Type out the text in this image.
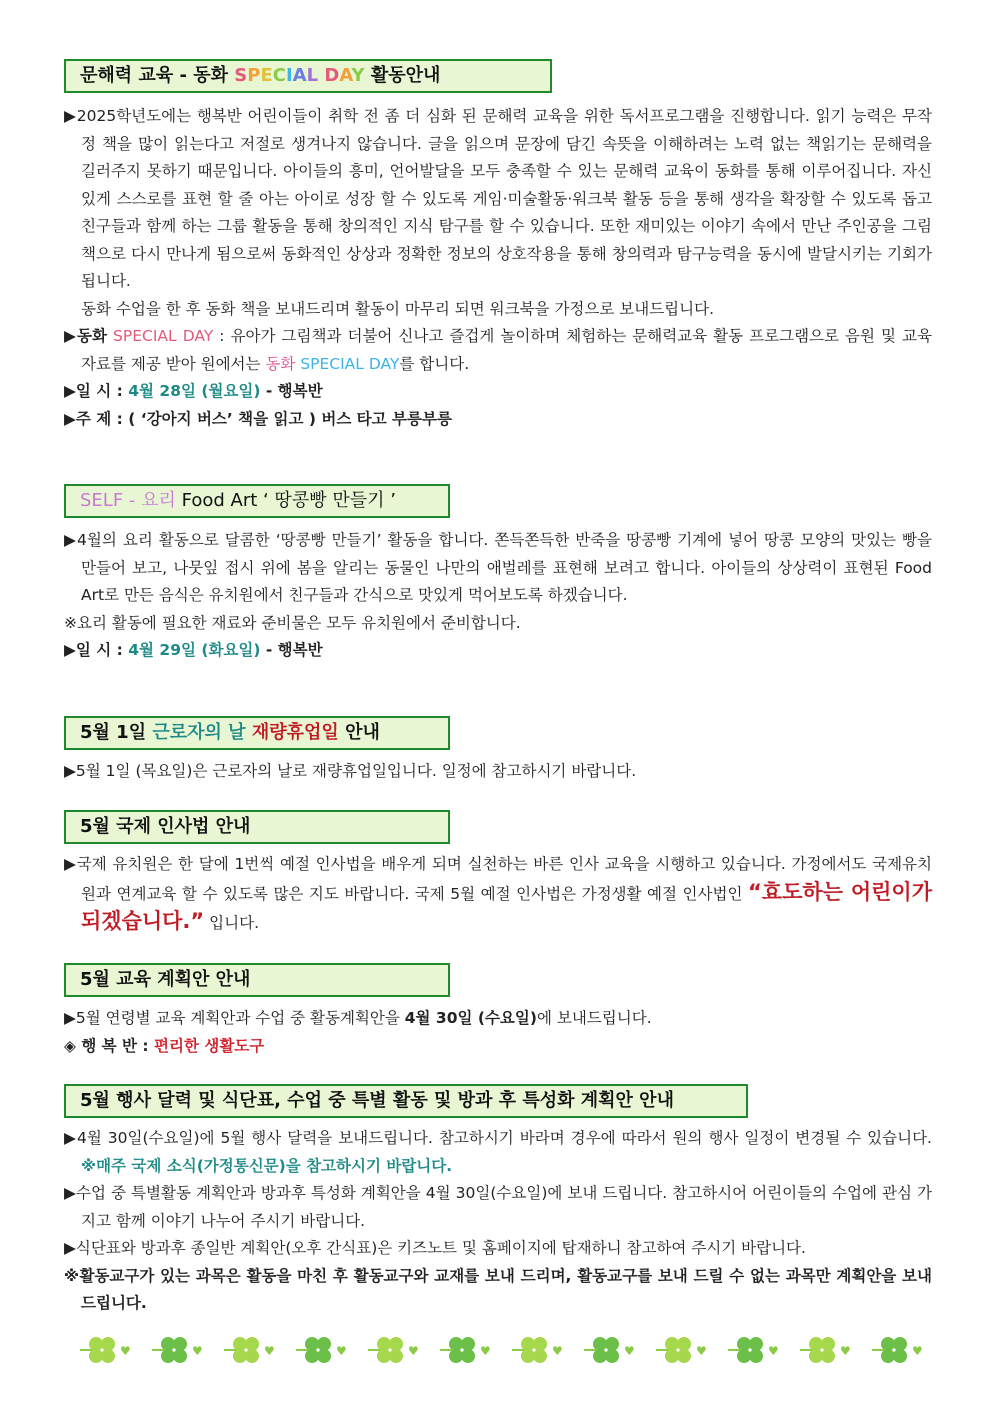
문해력 교육 - 동화 SPECIAL DAY 활동안내
▶2025학년도에는 행복반 어린이들이 취학 전 좀 더 심화 된 문해력 교육을 위한 독서프로그램을 진행합니다. 읽기 능력은 무작정 책을 많이 읽는다고 저절로 생겨나지 않습니다. 글을 읽으며 문장에 담긴 속뜻을 이해하려는 노력 없는 책읽기는 문해력을 길러주지 못하기 때문입니다. 아이들의 흥미, 언어발달을 모두 충족할 수 있는 문해력 교육이 동화를 통해 이루어집니다. 자신 있게 스스로를 표현 할 줄 아는 아이로 성장 할 수 있도록 게임·미술활동·워크북 활동 등을 통해 생각을 확장할 수 있도록 돕고 친구들과 함께 하는 그룹 활동을 통해 창의적인 지식 탐구를 할 수 있습니다. 또한 재미있는 이야기 속에서 만난 주인공을 그림책으로 다시 만나게 됨으로써 동화적인 상상과 정확한 정보의 상호작용을 통해 창의력과 탐구능력을 동시에 발달시키는 기회가 됩니다.
동화 수업을 한 후 동화 책을 보내드리며 활동이 마무리 되면 워크북을 가정으로 보내드립니다.
▶동화 SPECIAL DAY : 유아가 그림책과 더불어 신나고 즐겁게 놀이하며 체험하는 문해력교육 활동 프로그램으로 음원 및 교육 자료를 제공 받아 원에서는 동화 SPECIAL DAY를 합니다.
▶일 시 : 4월 28일 (월요일) - 행복반
▶주 제 : ( ‘강아지 버스’ 책을 읽고 ) 버스 타고 부릉부릉
SELF - 요리 Food Art ‘ 땅콩빵 만들기 ’
▶4월의 요리 활동으로 달콤한 ‘땅콩빵 만들기’ 활동을 합니다. 쫀득쫀득한 반죽을 땅콩빵 기계에 넣어 땅콩 모양의 맛있는 빵을 만들어 보고, 나뭇잎 접시 위에 봄을 알리는 동물인 나만의 애벌레를 표현해 보려고 합니다. 아이들의 상상력이 표현된 Food Art로 만든 음식은 유치원에서 친구들과 간식으로 맛있게 먹어보도록 하겠습니다.
※요리 활동에 필요한 재료와 준비물은 모두 유치원에서 준비합니다.
▶일 시 : 4월 29일 (화요일) - 행복반
5월 1일 근로자의 날 재량휴업일 안내
▶5월 1일 (목요일)은 근로자의 날로 재량휴업일입니다. 일정에 참고하시기 바랍니다.
5월 국제 인사법 안내
▶국제 유치원은 한 달에 1번씩 예절 인사법을 배우게 되며 실천하는 바른 인사 교육을 시행하고 있습니다. 가정에서도 국제유치원과 연계교육 할 수 있도록 많은 지도 바랍니다. 국제 5월 예절 인사법은 가정생활 예절 인사법인 “효도하는 어린이가 되겠습니다.” 입니다.
5월 교육 계획안 안내
▶5월 연령별 교육 계획안과 수업 중 활동계획안을 4월 30일 (수요일)에 보내드립니다.
◈ 행 복 반 : 편리한 생활도구
5월 행사 달력 및 식단표, 수업 중 특별 활동 및 방과 후 특성화 계획안 안내
▶4월 30일(수요일)에 5월 행사 달력을 보내드립니다. 참고하시기 바라며 경우에 따라서 원의 행사 일정이 변경될 수 있습니다. ※매주 국제 소식(가정통신문)을 참고하시기 바랍니다.
▶수업 중 특별활동 계획안과 방과후 특성화 계획안을 4월 30일(수요일)에 보내 드립니다. 참고하시어 어린이들의 수업에 관심 가지고 함께 이야기 나누어 주시기 바랍니다.
▶식단표와 방과후 종일반 계획안(오후 간식표)은 키즈노트 및 홈페이지에 탑재하니 참고하여 주시기 바랍니다.
※활동교구가 있는 과목은 활동을 마친 후 활동교구와 교재를 보내 드리며, 활동교구를 보내 드릴 수 없는 과목만 계획안을 보내 드립니다.
♥	♥	♥	♥	♥	♥	♥	♥	♥	♥	♥	♥
